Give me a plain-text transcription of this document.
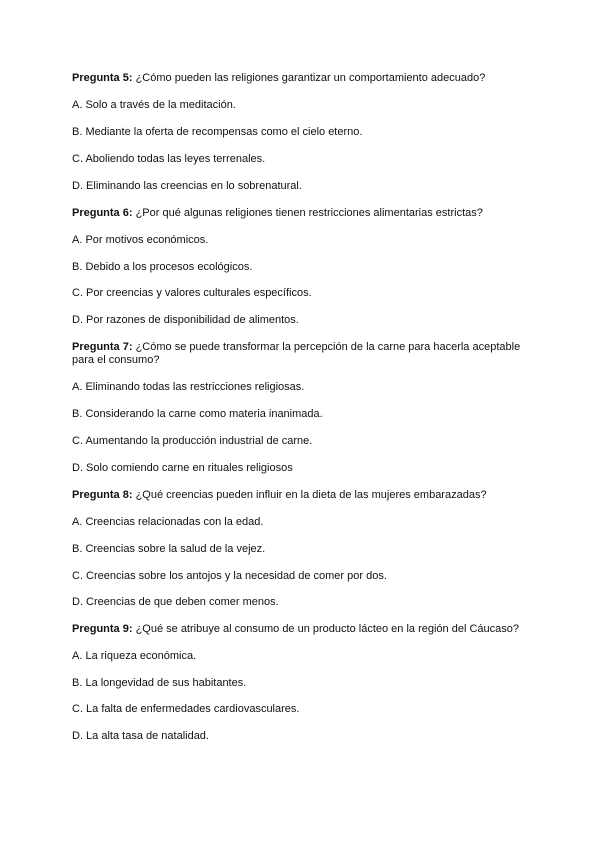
Pregunta 5: ¿Cómo pueden las religiones garantizar un comportamiento adecuado?
A. Solo a través de la meditación.
B. Mediante la oferta de recompensas como el cielo eterno.
C. Aboliendo todas las leyes terrenales.
D. Eliminando las creencias en lo sobrenatural.
Pregunta 6: ¿Por qué algunas religiones tienen restricciones alimentarias estrictas?
A. Por motivos económicos.
B. Debido a los procesos ecológicos.
C. Por creencias y valores culturales específicos.
D. Por razones de disponibilidad de alimentos.
Pregunta 7: ¿Cómo se puede transformar la percepción de la carne para hacerla aceptable para el consumo?
A. Eliminando todas las restricciones religiosas.
B. Considerando la carne como materia inanimada.
C. Aumentando la producción industrial de carne.
D. Solo comiendo carne en rituales religiosos
Pregunta 8: ¿Qué creencias pueden influir en la dieta de las mujeres embarazadas?
A. Creencias relacionadas con la edad.
B. Creencias sobre la salud de la vejez.
C. Creencias sobre los antojos y la necesidad de comer por dos.
D. Creencias de que deben comer menos.
Pregunta 9: ¿Qué se atribuye al consumo de un producto lácteo en la región del Cáucaso?
A. La riqueza económica.
B. La longevidad de sus habitantes.
C. La falta de enfermedades cardiovasculares.
D. La alta tasa de natalidad.
